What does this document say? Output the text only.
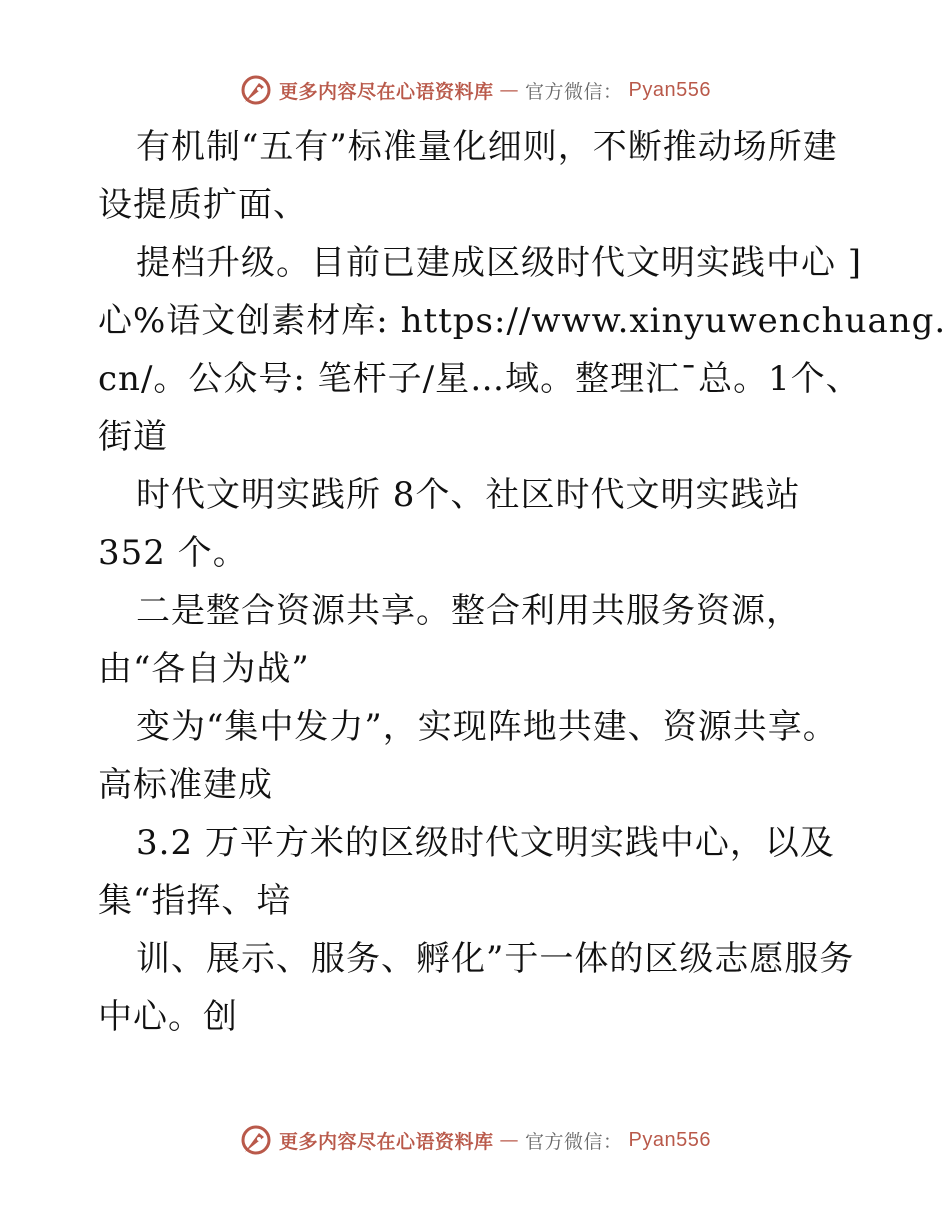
更多内容尽在心语资料库 — 官方微信： Pyan556
有机制“五有”标准量化细则，不断推动场所建
设提质扩面、
提档升级。目前已建成区级时代文明实践中心 ]
心%语文创素材库: https://www.xinyuwenchuang.
cn/。公众号: 笔杆子/星…域。整理汇¯总。1个、
街道
时代文明实践所 8个、社区时代文明实践站
352 个。
二是整合资源共享。整合利用共服务资源，
由“各自为战”
变为“集中发力”，实现阵地共建、资源共享。
高标准建成
3.2 万平方米的区级时代文明实践中心，以及
集“指挥、培
训、展示、服务、孵化”于一体的区级志愿服务
中心。创
更多内容尽在心语资料库 — 官方微信： Pyan556
